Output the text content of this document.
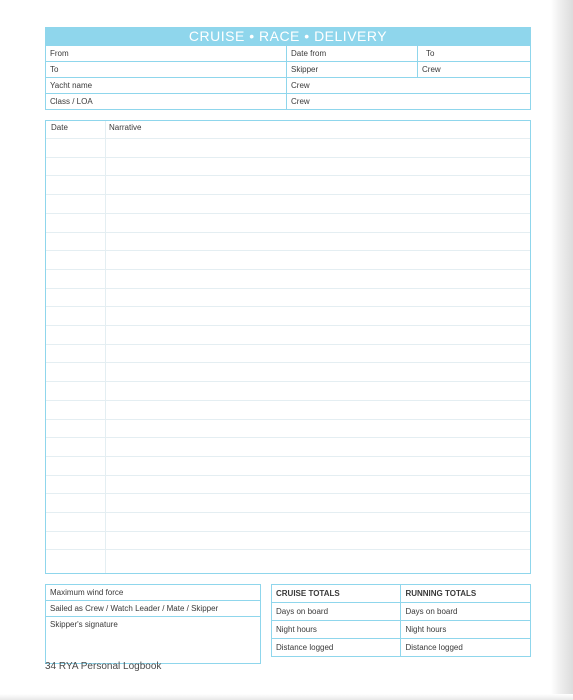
CRUISE • RACE • DELIVERY
From	Date from	To
To	Skipper	Crew
Yacht name	Crew	
Class / LOA	Crew	
Date	Narrative
Maximum wind force
Sailed as Crew / Watch Leader / Mate / Skipper
Skipper's signature
CRUISE TOTALS	RUNNING TOTALS
Days on board	Days on board
Night hours	Night hours
Distance logged	Distance logged
34 RYA Personal Logbook
